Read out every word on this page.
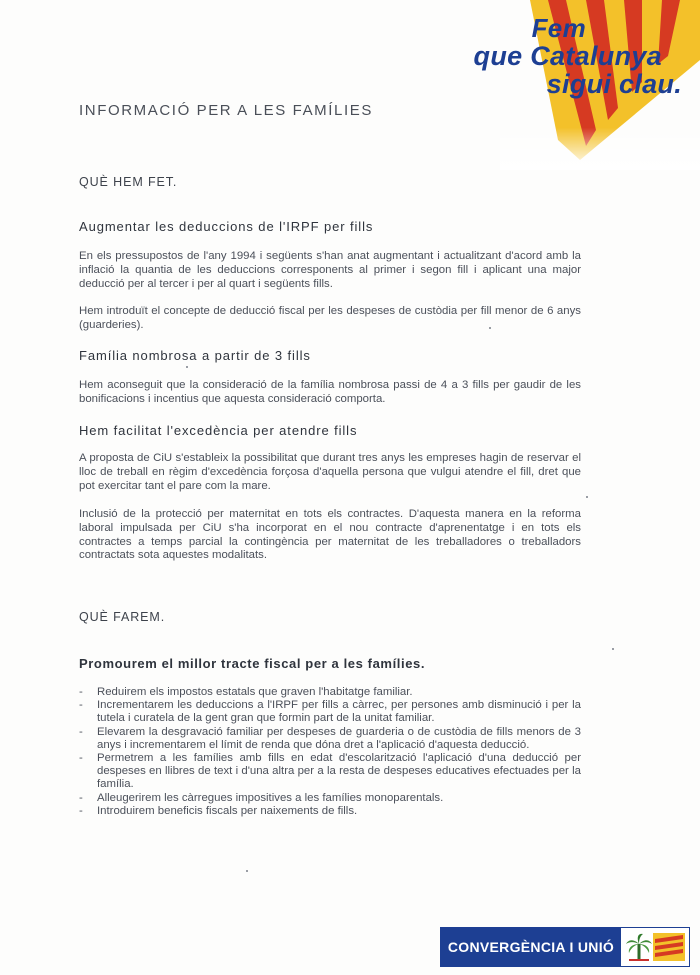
Fem
que Catalunya
sigui clau.
INFORMACIÓ PER A LES FAMÍLIES
QUÈ HEM FET.
Augmentar les deduccions de l'IRPF per fills
En els pressupostos de l'any 1994 i següents s'han anat augmentant i actualitzant d'acord amb la inflació la quantia de les deduccions corresponents al primer i segon fill i aplicant una major deducció per al tercer i per al quart i següents fills.
Hem introduït el concepte de deducció fiscal per les despeses de custòdia per fill menor de 6 anys (guarderies).
Família nombrosa a partir de 3 fills
Hem aconseguit que la consideració de la família nombrosa passi de 4 a 3 fills per gaudir de les bonificacions i incentius que aquesta consideració comporta.
Hem facilitat l'excedència per atendre fills
A proposta de CiU s'estableix la possibilitat que durant tres anys les empreses hagin de reservar el lloc de treball en règim d'excedència forçosa d'aquella persona que vulgui atendre el fill, dret que pot exercitar tant el pare com la mare.
Inclusió de la protecció per maternitat en tots els contractes. D'aquesta manera en la reforma laboral impulsada per CiU s'ha incorporat en el nou contracte d'aprenentatge i en tots els contractes a temps parcial la contingència per maternitat de les treballadores o treballadors contractats sota aquestes modalitats.
QUÈ FAREM.
Promourem el millor tracte fiscal per a les famílies.
- Reduirem els impostos estatals que graven l'habitatge familiar.
- Incrementarem les deduccions a l'IRPF per fills a càrrec, per persones amb disminució i per la tutela i curatela de la gent gran que formin part de la unitat familiar.
- Elevarem la desgravació familiar per despeses de guarderia o de custòdia de fills menors de 3 anys i incrementarem el límit de renda que dóna dret a l'aplicació d'aquesta deducció.
- Permetrem a les famílies amb fills en edat d'escolarització l'aplicació d'una deducció per despeses en llibres de text i d'una altra per a la resta de despeses educatives efectuades per la família.
- Alleugerirem les càrregues impositives a les famílies monoparentals.
- Introduirem beneficis fiscals per naixements de fills.
CONVERGÈNCIA I UNIÓ
